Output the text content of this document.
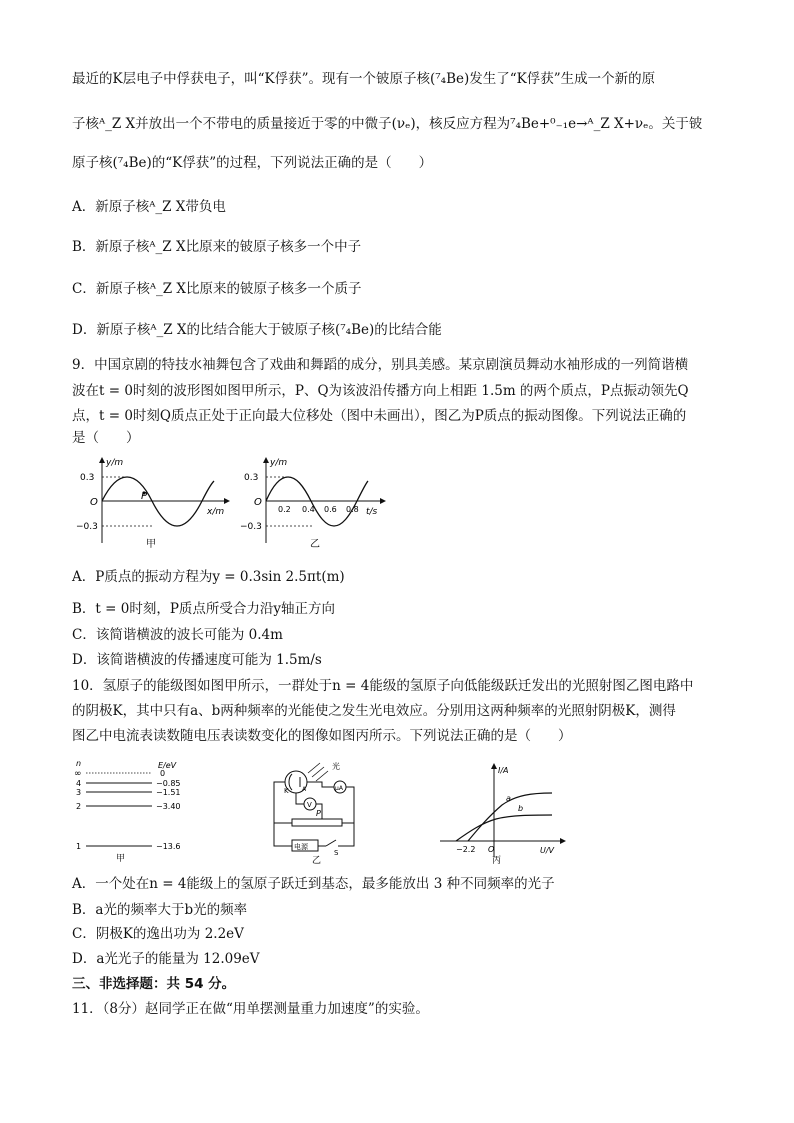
最近的K层电子中俘获电子，叫“K俘获”。现有一个铍原子核(⁷₄Be)发生了“K俘获”生成一个新的原
子核ᴬ_Z X并放出一个不带电的质量接近于零的中微子(νₑ)，核反应方程为⁷₄Be+⁰₋₁e→ᴬ_Z X+νₑ。关于铍
原子核(⁷₄Be)的“K俘获”的过程，下列说法正确的是（　　）
A．新原子核ᴬ_Z X带负电
B．新原子核ᴬ_Z X比原来的铍原子核多一个中子
C．新原子核ᴬ_Z X比原来的铍原子核多一个质子
D．新原子核ᴬ_Z X的比结合能大于铍原子核(⁷₄Be)的比结合能
9．中国京剧的特技水袖舞包含了戏曲和舞蹈的成分，别具美感。某京剧演员舞动水袖形成的一列简谐横
波在t = 0时刻的波形图如图甲所示，P、Q为该波沿传播方向上相距 1.5m 的两个质点，P点振动领先Q
点，t = 0时刻Q质点正处于正向最大位移处（图中未画出），图乙为P质点的振动图像。下列说法正确的
是（　　）
y/m
0.3
−0.3
O
P
x/m
甲
y/m
0.3
−0.3
O
0.2 0.4 0.6 0.8 t/s
乙
A．P质点的振动方程为y = 0.3sin 2.5πt(m)
B．t = 0时刻，P质点所受合力沿y轴正方向
C．该简谐横波的波长可能为 0.4m
D．该简谐横波的传播速度可能为 1.5m/s
10．氢原子的能级图如图甲所示，一群处于n = 4能级的氢原子向低能级跃迁发出的光照射图乙图电路中
的阴极K，其中只有a、b两种频率的光能使之发生光电效应。分别用这两种频率的光照射阴极K，测得
图乙中电流表读数随电压表读数变化的图像如图丙所示。下列说法正确的是（　　）
n	E/eV
∞	0
4	−0.85
3	−1.51
2	−3.40
1	−13.6
甲
光
μA
V
P
电源
S
K A
乙
I/A
U/V
O
−2.2
a
b
丙
A．一个处在n = 4能级上的氢原子跃迁到基态，最多能放出 3 种不同频率的光子
B．a光的频率大于b光的频率
C．阴极K的逸出功为 2.2eV
D．a光光子的能量为 12.09eV
三、非选择题：共 54 分。
11．（8分）赵同学正在做“用单摆测量重力加速度”的实验。
